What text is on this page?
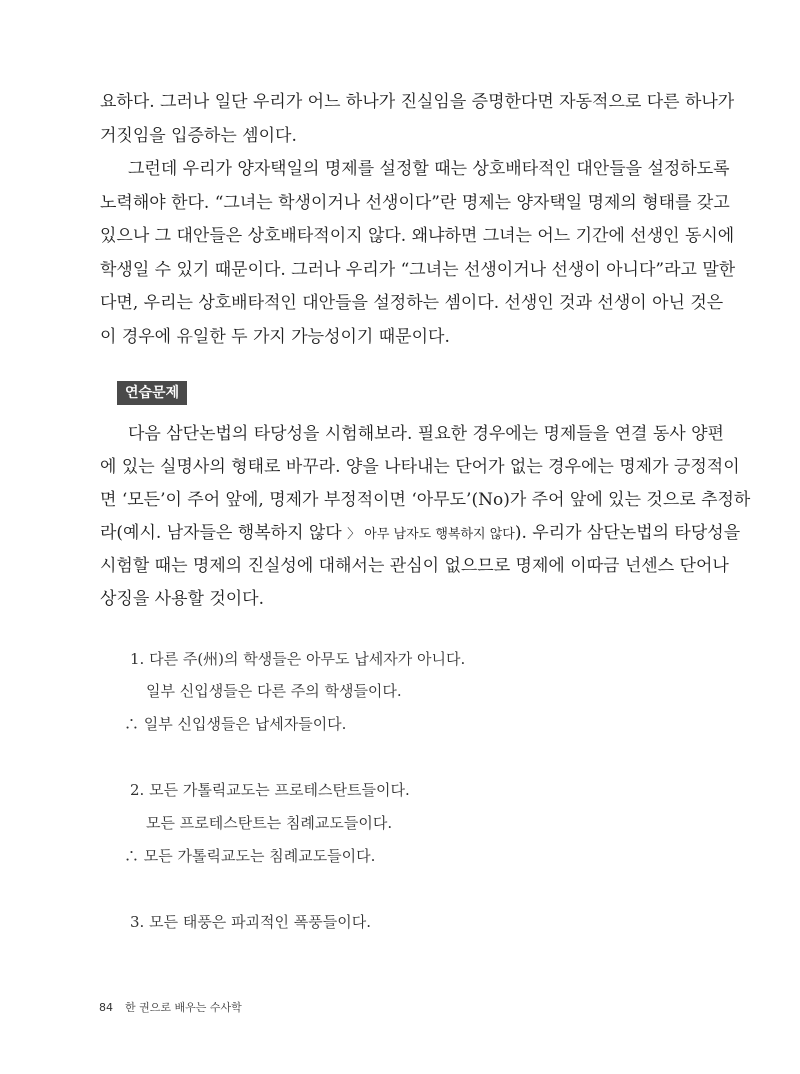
요하다. 그러나 일단 우리가 어느 하나가 진실임을 증명한다면 자동적으로 다른 하나가
거짓임을 입증하는 셈이다.
그런데 우리가 양자택일의 명제를 설정할 때는 상호배타적인 대안들을 설정하도록
노력해야 한다. “그녀는 학생이거나 선생이다”란 명제는 양자택일 명제의 형태를 갖고
있으나 그 대안들은 상호배타적이지 않다. 왜냐하면 그녀는 어느 기간에 선생인 동시에
학생일 수 있기 때문이다. 그러나 우리가 “그녀는 선생이거나 선생이 아니다”라고 말한
다면, 우리는 상호배타적인 대안들을 설정하는 셈이다. 선생인 것과 선생이 아닌 것은
이 경우에 유일한 두 가지 가능성이기 때문이다.
연습문제
다음 삼단논법의 타당성을 시험해보라. 필요한 경우에는 명제들을 연결 동사 양편
에 있는 실명사의 형태로 바꾸라. 양을 나타내는 단어가 없는 경우에는 명제가 긍정적이
면 ‘모든’이 주어 앞에, 명제가 부정적이면 ‘아무도’(No)가 주어 앞에 있는 것으로 추정하
라(예시. 남자들은 행복하지 않다 〉 아무 남자도 행복하지 않다). 우리가 삼단논법의 타당성을
시험할 때는 명제의 진실성에 대해서는 관심이 없으므로 명제에 이따금 넌센스 단어나
상징을 사용할 것이다.
1. 다른 주(州)의 학생들은 아무도 납세자가 아니다.
일부 신입생들은 다른 주의 학생들이다.
∴ 일부 신입생들은 납세자들이다.
2. 모든 가톨릭교도는 프로테스탄트들이다.
모든 프로테스탄트는 침례교도들이다.
∴ 모든 가톨릭교도는 침례교도들이다.
3. 모든 태풍은 파괴적인 폭풍들이다.
84 한 권으로 배우는 수사학
